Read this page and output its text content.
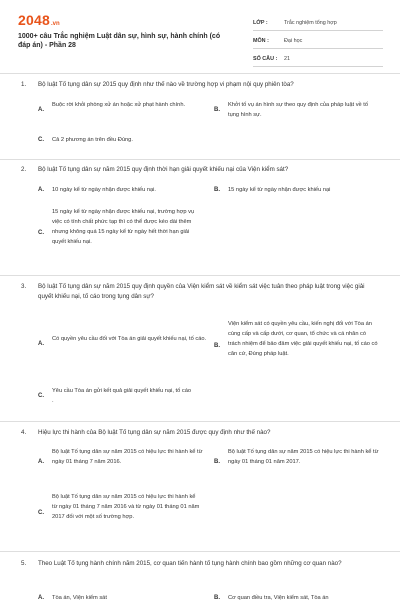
2048 .vn
1000+ câu Trắc nghiệm Luật dân sự, hình sự, hành chính (có đáp án) - Phần 28
LỚP :	Trắc nghiệm tổng hợp
MÔN :	Đại học
SỐ CÂU :	21
1. Bộ luật Tố tụng dân sự 2015 quy định như thế nào về trường hợp vi phạm nội quy phiên tòa?
A.
Buộc rời khỏi phòng xử án hoặc xử phạt hành chính.
B.
Khởi tố vụ án hình sự theo quy định của pháp luật về tố tụng hình sự.
C. Cả 2 phương án trên đều Đúng.
2. Bộ luật Tố tụng dân sự năm 2015 quy định thời hạn giải quyết khiếu nại của Viện kiểm sát?
A. 10 ngày kể từ ngày nhận được khiếu nại.	B. 15 ngày kể từ ngày nhận được khiếu nại
C.
15 ngày kể từ ngày nhận được khiếu nại, trường hợp vụ việc có tính chất phức tạp thì có thể được kéo dài thêm nhưng không quá 15 ngày kể từ ngày hết thời hạn giải quyết khiếu nại.
3. Bộ luật Tố tụng dân sự năm 2015 quy định quyền của Viện kiểm sát về kiểm sát việc tuân theo pháp luật trong việc giải quyết khiếu nại, tố cáo trong tụng dân sự?
A.
Có quyền yêu cầu đối với Tòa án giải quyết khiếu nại, tố cáo.
B.
Viện kiểm sát có quyền yêu cầu, kiến nghị đối với Tòa án cùng cấp và cấp dưới, cơ quan, tổ chức và cá nhân có trách nhiệm để bảo đảm việc giải quyết khiếu nại, tố cáo có căn cứ, Đúng pháp luật.
C.
Yêu cầu Tòa án gửi kết quả giải quyết khiếu nại, tố cáo .
4. Hiệu lực thi hành của Bộ luật Tố tụng dân sự năm 2015 được quy định như thế nào?
A.
Bộ luật Tố tụng dân sự năm 2015 có hiệu lực thi hành kể từ ngày 01 tháng 7 năm 2016.	B.
Bộ luật Tố tụng dân sự năm 2015 có hiệu lực thi hành kể từ ngày 01 tháng 01 năm 2017.
C.
Bộ luật Tố tụng dân sự năm 2015 có hiệu lực thi hành kể từ ngày 01 tháng 7 năm 2016 và từ ngày 01 tháng 01 năm 2017 đối với một số trường hợp.
5. Theo Luật Tố tụng hành chính năm 2015, cơ quan tiến hành tố tụng hành chính bao gồm những cơ quan nào?
A. Tòa án, Viện kiểm sát	B. Cơ quan điều tra, Viện kiểm sát, Tòa án
